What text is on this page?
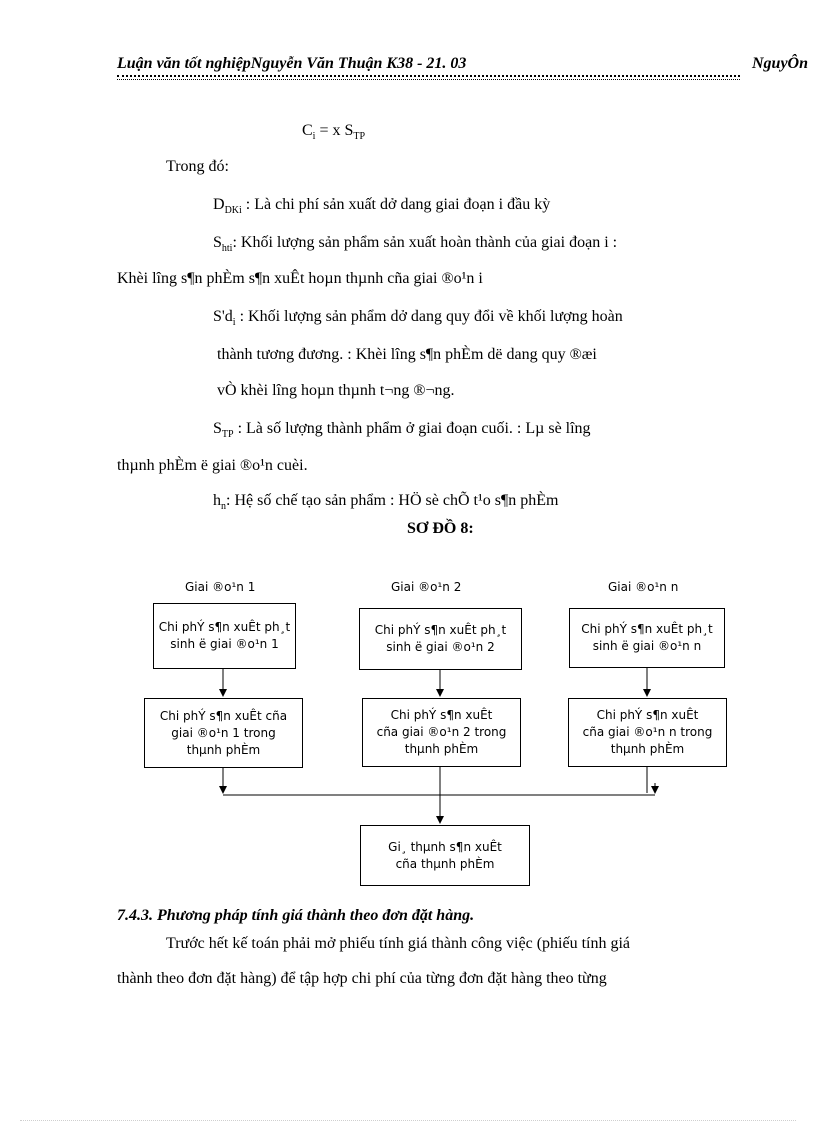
Luận văn tốt nghiệpNguyễn Văn Thuận K38 - 21. 03	NguyÔn
$C_i = x$ $S_{TP}$
Trong đó:
$D_{DKi}$ : Là chi phí sản xuất dở dang giai đoạn i đầu kỳ
$S_{hti}$: Khối lượng sản phẩm sản xuất hoàn thành của giai đoạn i :
Khèi lîng s¶n phÈm s¶n xuÊt hoµn thµnh cña giai ®o¹n i
$S'd_i$ : Khối lượng sản phẩm dở dang quy đổi về khối lượng hoàn
thành tương đương. : Khèi lîng s¶n phÈm dë dang quy ®æi
vÒ khèi lîng hoµn thµnh t¬ng ®¬ng.
$S_{TP}$ : Là số lượng thành phẩm ở giai đoạn cuối. : Lµ sè lîng
thµnh phÈm ë giai ®o¹n cuèi.
$h_n$: Hệ số chế tạo sản phẩm : HÖ sè chÕ t¹o s¶n phÈm
SƠ ĐỒ 8:
Giai ®o¹n 1	Giai ®o¹n 2	Giai ®o¹n n
Chi phÝ s¶n xuÊt ph¸t
sinh ë giai ®o¹n 1
Chi phÝ s¶n xuÊt ph¸t
sinh ë giai ®o¹n 2
Chi phÝ s¶n xuÊt ph¸t
sinh ë giai ®o¹n n
Chi phÝ s¶n xuÊt cña
giai ®o¹n 1 trong
thµnh phÈm
Chi phÝ s¶n xuÊt
cña giai ®o¹n 2 trong
thµnh phÈm
Chi phÝ s¶n xuÊt
cña giai ®o¹n n trong
thµnh phÈm
Gi¸ thµnh s¶n xuÊt
cña thµnh phÈm
7.4.3. Phương pháp tính giá thành theo đơn đặt hàng.
Trước hết kế toán phải mở phiếu tính giá thành công việc (phiếu tính giá
thành theo đơn đặt hàng) để tập hợp chi phí của từng đơn đặt hàng theo từng
